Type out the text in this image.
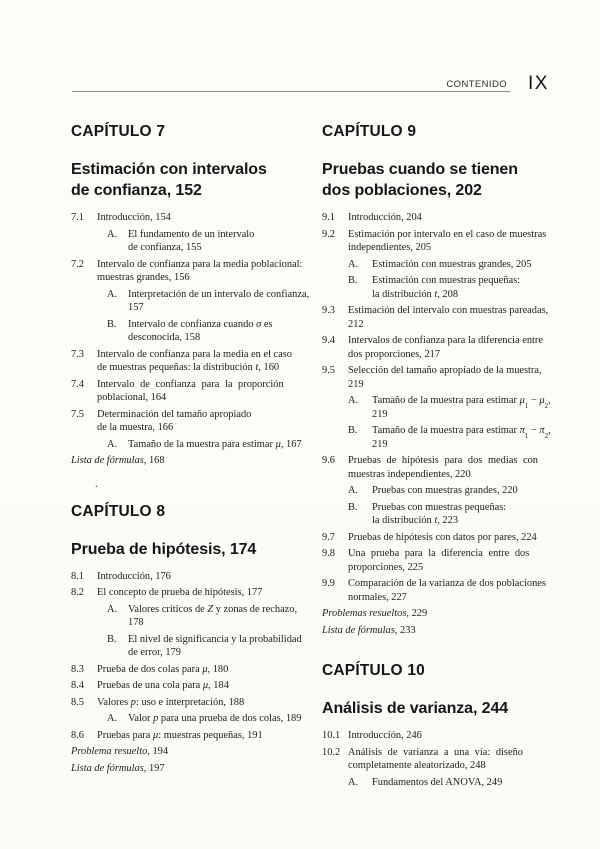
CONTENIDO IX
CAPÍTULO 7
Estimación con intervalos
de confianza, 152
7.1	Introducción, 154
A.	El fundamento de un intervalo
de confianza, 155
7.2	Intervalo de confianza para la media poblacional:
muestras grandes, 156
A.	Interpretación de un intervalo de confianza,
157
B.	Intervalo de confianza cuando σ es
desconocida, 158
7.3	Intervalo de confianza para la media en el caso
de muestras pequeñas: la distribución t, 160
7.4	Intervalo de confianza para la proporción
poblacional, 164
7.5	Determinación del tamaño apropiado
de la muestra, 166
A.	Tamaño de la muestra para estimar μ, 167
Lista de fórmulas, 168
CAPÍTULO 8
Prueba de hipótesis, 174
8.1	Introducción, 176
8.2	El concepto de prueba de hipótesis, 177
A.	Valores críticos de Z y zonas de rechazo,
178
B.	El nivel de significancia y la probabilidad
de error, 179
8.3	Prueba de dos colas para μ, 180
8.4	Pruebas de una cola para μ, 184
8.5	Valores p: uso e interpretación, 188
A.	Valor p para una prueba de dos colas, 189
8.6	Pruebas para μ: muestras pequeñas, 191
Problema resuelto, 194
Lista de fórmulas, 197
CAPÍTULO 9
Pruebas cuando se tienen
dos poblaciones, 202
9.1	Introducción, 204
9.2	Estimación por intervalo en el caso de muestras
independientes, 205
A.	Estimación con muestras grandes, 205
B.	Estimación con muestras pequeñas:
la distribución t, 208
9.3	Estimación del intervalo con muestras pareadas,
212
9.4	Intervalos de confianza para la diferencia entre
dos proporciones, 217
9.5	Selección del tamaño apropiado de la muestra,
219
A.	Tamaño de la muestra para estimar $\mu_1 - \mu_2$,
219
B.	Tamaño de la muestra para estimar $\pi_1 - \pi_2$,
219
9.6	Pruebas de hipótesis para dos medias con
muestras independientes, 220
A.	Pruebas con muestras grandes, 220
B.	Pruebas con muestras pequeñas:
la distribución t, 223
9.7	Pruebas de hipótesis con datos por pares, 224
9.8	Una prueba para la diferencia entre dos
proporciones, 225
9.9	Comparación de la varianza de dos poblaciones
normales, 227
Problemas resueltos, 229
Lista de fórmulas, 233
CAPÍTULO 10
Análisis de varianza, 244
10.1 Introducción, 246
10.2 Análisis de varianza a una vía: diseño
completamente aleatorizado, 248
A.	Fundamentos del ANOVA, 249
.
